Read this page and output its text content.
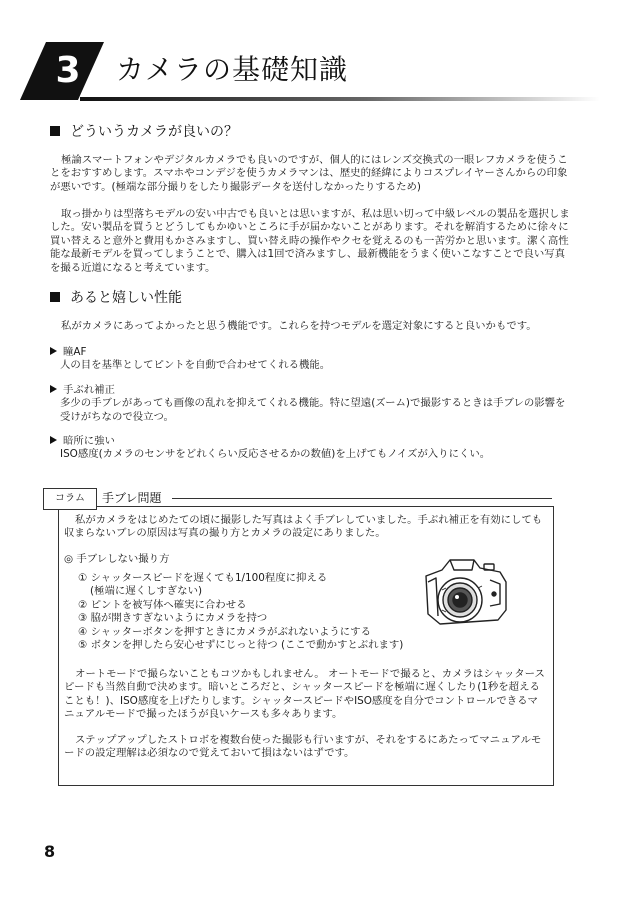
3 カメラの基礎知識
どういうカメラが良いの？
極論スマートフォンやデジタルカメラでも良いのですが、個人的にはレンズ交換式の一眼レフカメラを使うことをおすすめします。スマホやコンデジを使うカメラマンは、歴史的経緯によりコスプレイヤーさんからの印象が悪いです。(極端な部分撮りをしたり撮影データを送付しなかったりするため)
取っ掛かりは型落ちモデルの安い中古でも良いとは思いますが、私は思い切って中級レベルの製品を選択しました。安い製品を買うとどうしてもかゆいところに手が届かないことがあります。それを解消するために徐々に買い替えると意外と費用もかさみますし、買い替え時の操作やクセを覚えるのも一苦労かと思います。潔く高性能な最新モデルを買ってしまうことで、購入は1回で済みますし、最新機能をうまく使いこなすことで良い写真を撮る近道になると考えています。
あると嬉しい性能
私がカメラにあってよかったと思う機能です。これらを持つモデルを選定対象にすると良いかもです。
瞳AF
人の目を基準としてピントを自動で合わせてくれる機能。
手ぶれ補正
多少の手ブレがあっても画像の乱れを抑えてくれる機能。特に望遠(ズーム)で撮影するときは手ブレの影響を受けがちなので役立つ。
暗所に強い
ISO感度(カメラのセンサをどれくらい反応させるかの数値)を上げてもノイズが入りにくい。
コラム	手ブレ問題
私がカメラをはじめたての頃に撮影した写真はよく手ブレしていました。手ぶれ補正を有効にしても収まらないブレの原因は写真の撮り方とカメラの設定にありました。
◎ 手ブレしない撮り方
① シャッタースピードを遅くても1/100程度に抑える
(極端に遅くしすぎない)
② ピントを被写体へ確実に合わせる
③ 脇が開きすぎないようにカメラを持つ
④ シャッターボタンを押すときにカメラがぶれないようにする
⑤ ボタンを押したら安心せずにじっと待つ (ここで動かすとぶれます)
オートモードで撮らないこともコツかもしれません。 オートモードで撮ると、カメラはシャッタースピードも当然自動で決めます。暗いところだと、シャッタースピードを極端に遅くしたり(1秒を超えることも！)、ISO感度を上げたりします。シャッタースピードやISO感度を自分でコントロールできるマニュアルモードで撮ったほうが良いケースも多々あります。
ステップアップしたストロボを複数台使った撮影も行いますが、それをするにあたってマニュアルモードの設定理解は必須なので覚えておいて損はないはずです。
8
